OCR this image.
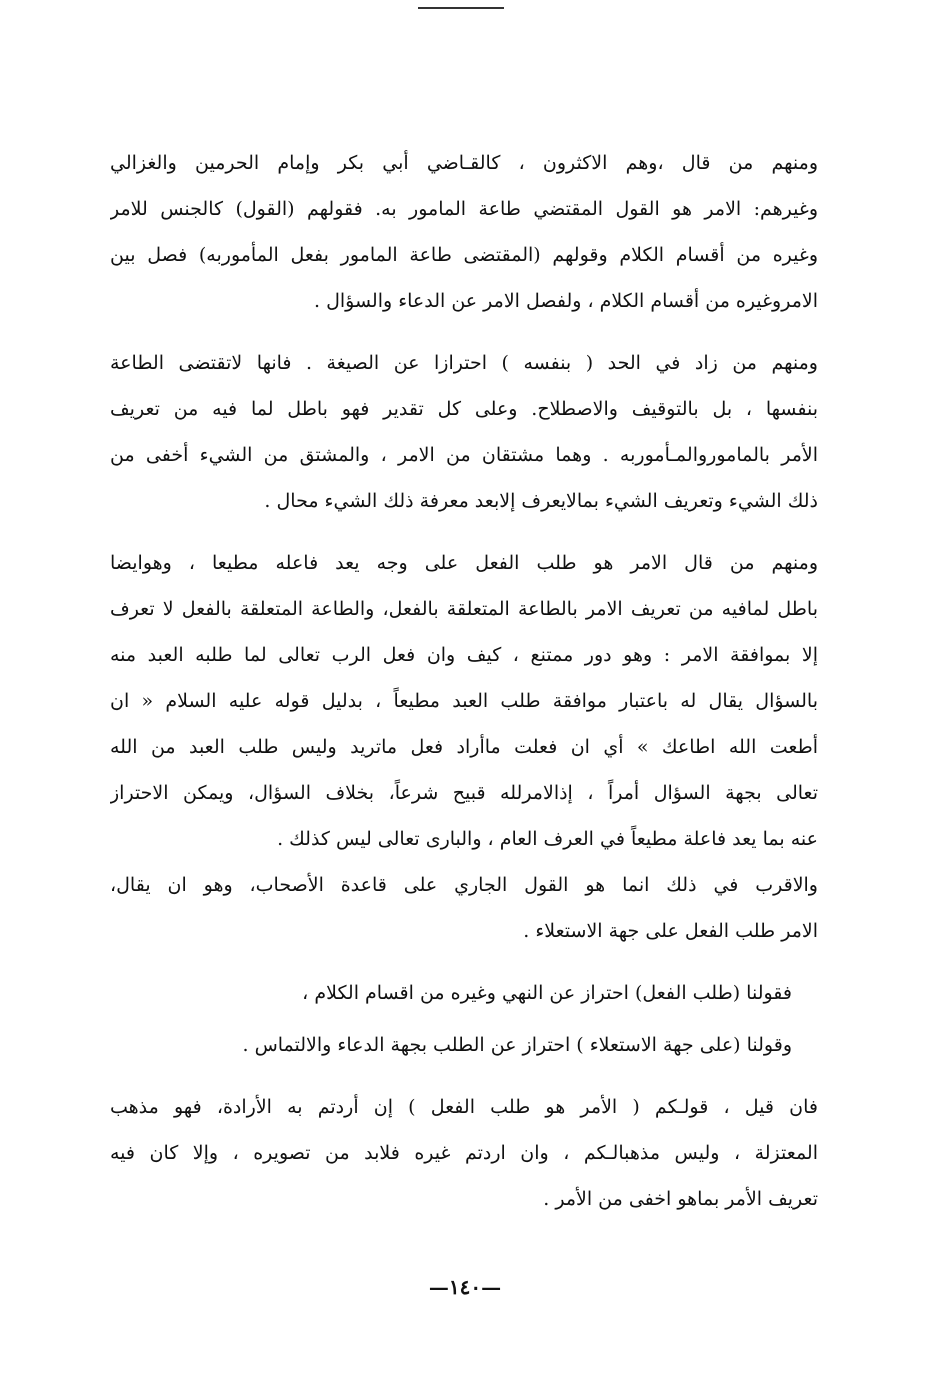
ومنهم من قال ،وهم الاكثرون ، كالقـاضي أبي بكر وإمام الحرمين والغزالي
وغيرهم: الامر هو القول المقتضي طاعة المامور به. فقولهم (القول) كالجنس للامر
وغيره من أقسام الكلام وقولهم (المقتضى طاعة المامور بفعل المأموربه) فصل بين
الامروغيره من أقسام الكلام ، ولفصل الامر عن الدعاء والسؤال .
ومنهم من زاد في الحد ( بنفسه ) احترازا عن الصيغة . فانها لاتقتضى الطاعة
بنفسها ، بل بالتوقيف والاصطلاح. وعلى كل تقدير فهو باطل لما فيه من تعريف
الأمر بالماموروالمـأموربه . وهما مشتقان من الامر ، والمشتق من الشيء أخفى من
ذلك الشيء وتعريف الشيء بمالايعرف إلابعد معرفة ذلك الشيء محال .
ومنهم من قال الامر هو طلب الفعل على وجه يعد فاعله مطيعا ، وهوايضا
باطل لمافيه من تعريف الامر بالطاعة المتعلقة بالفعل، والطاعة المتعلقة بالفعل لا تعرف
إلا بموافقة الامر : وهو دور ممتنع ، كيف وان فعل الرب تعالى لما طلبه العبد منه
بالسؤال يقال له باعتبار موافقة طلب العبد مطيعاً ، بدليل قوله عليه السلام « ان
أطعت الله اطاعك » أي ان فعلت ماأراد فعل ماتريد وليس طلب العبد من الله
تعالى بجهة السؤال أمراً ، إذالامرلله قبيح شرعاً، بخلاف السؤال، ويمكن الاحتراز
عنه بما يعد فاعلة مطيعاً في العرف العام ، والبارى تعالى ليس كذلك .
والاقرب في ذلك انما هو القول الجاري على قاعدة الأصحاب، وهو ان يقال،
الامر طلب الفعل على جهة الاستعلاء .
فقولنا (طلب الفعل) احتراز عن النهي وغيره من اقسام الكلام ،
وقولنا (على جهة الاستعلاء ) احتراز عن الطلب بجهة الدعاء والالتماس .
فان قيل ، قولـكم ( الأمر هو طلب الفعل ) إن أردتم به الأرادة، فهو مذهب
المعتزلة ، وليس مذهبالـكم ، وان اردتم غيره فلابد من تصويره ، وإلا كان فيه
تعريف الأمر بماهو اخفى من الأمر .
—١٤٠—
